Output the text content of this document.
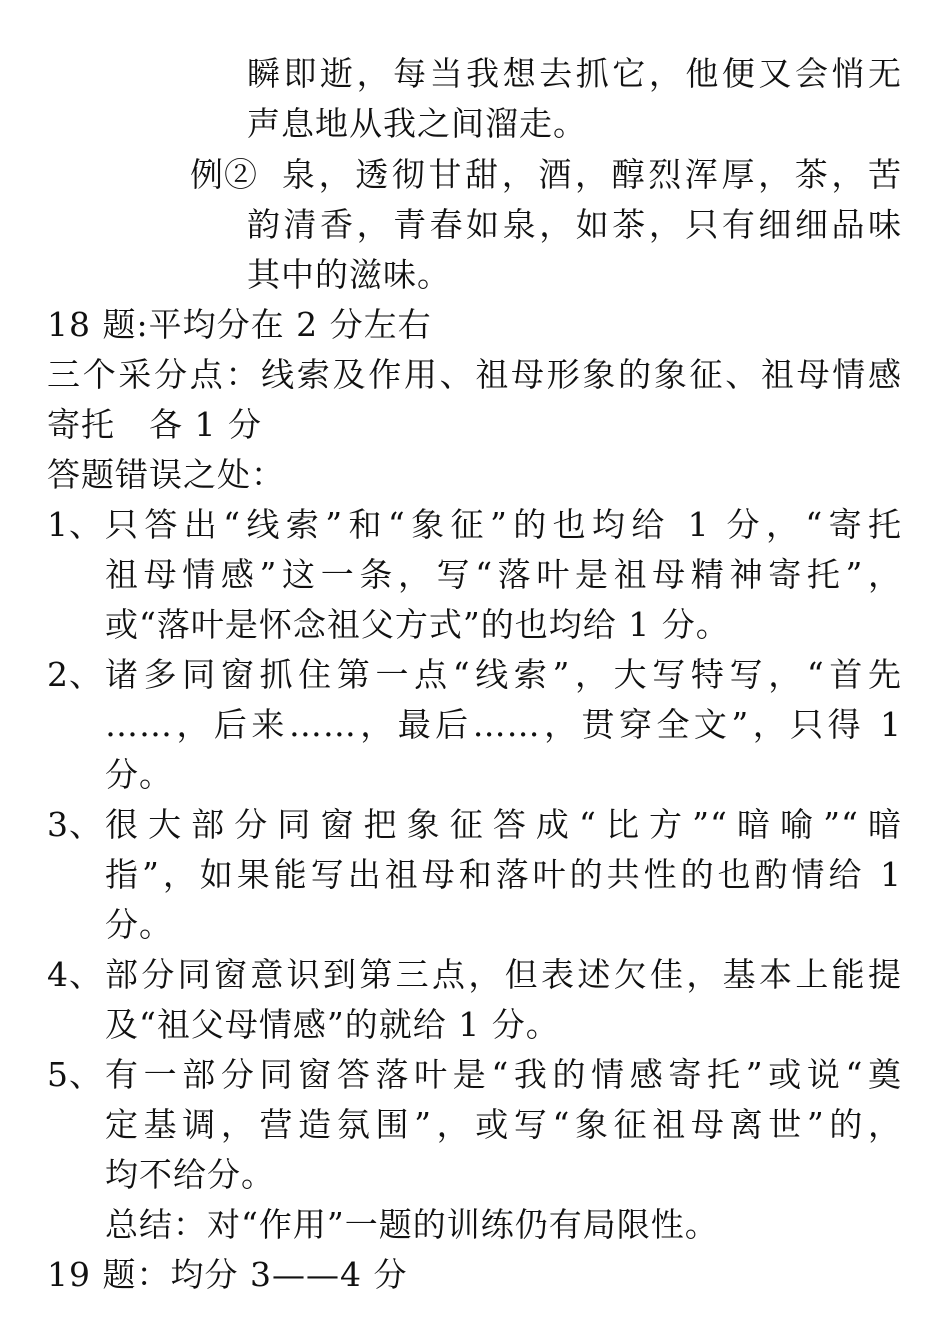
瞬即逝，每当我想去抓它，他便又会悄无
声息地从我之间溜走。
例② 泉，透彻甘甜，酒，醇烈浑厚，茶，苦
韵清香，青春如泉，如茶，只有细细品味
其中的滋味。
18 题:平均分在 2 分左右
三个采分点：线索及作用、祖母形象的象征、祖母情感
寄托　各 1 分
答题错误之处：
1、 只答出“线索”和“象征”的也均给 1 分，“寄托
祖母情感”这一条，写“落叶是祖母精神寄托”，
或“落叶是怀念祖父方式”的也均给 1 分。
2、 诸多同窗抓住第一点“线索”，大写特写，“首先
……，后来……，最后……，贯穿全文”，只得 1
分。
3、 很大部分同窗把象征答成“比方”“暗喻”“暗
指”，如果能写出祖母和落叶的共性的也酌情给 1
分。
4、 部分同窗意识到第三点，但表述欠佳，基本上能提
及“祖父母情感”的就给 1 分。
5、 有一部分同窗答落叶是“我的情感寄托”或说“奠
定基调，营造氛围”，或写“象征祖母离世”的，
均不给分。
总结：对“作用”一题的训练仍有局限性。
19 题：均分 3——4 分
